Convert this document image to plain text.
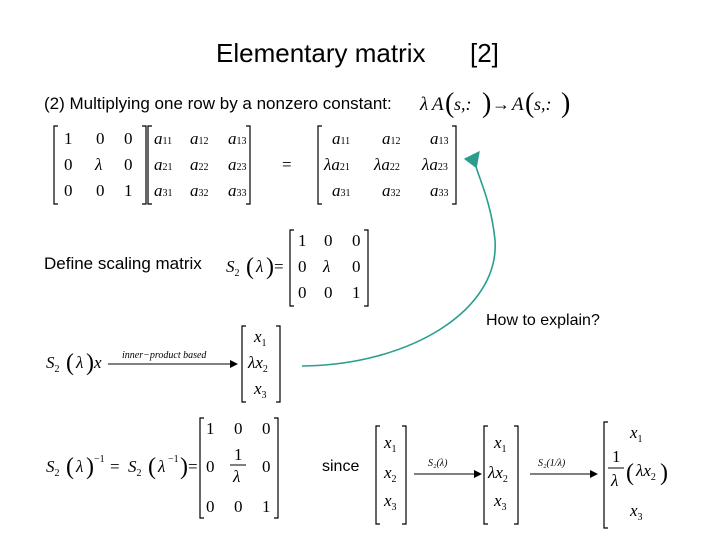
Elementary matrix [2]
(2) Multiplying one row by a nonzero constant: λ A ( s,: ) → A ( s,: )
1 0 0
0 λ 0
0 0 1
a11 a12 a13
a21 a22 a23
a31 a32 a33
=
a11 a12 a13
λa21 λa22 λa23
a31 a32 a33
Define scaling matrix $S_2$ ( λ ) =
1 0 0
0 λ 0
0 0 1
How to explain?
$S_2$ ( λ ) x inner−product based
$x_1$
$\lambda x_2$
$x_3$
$S_2$ ( λ ) $-1 = S_2$ ( λ −1 ) =
1 0 0
0
1
λ
0
0 0 1
since
$x_1$
$x_2$
$x_3$
S₂(λ)
$x_1$
$\lambda x_2$
$x_3$
S₂(1/λ)
$x_1$
1
λ ( $\lambda x_2$ )
$x_3$
